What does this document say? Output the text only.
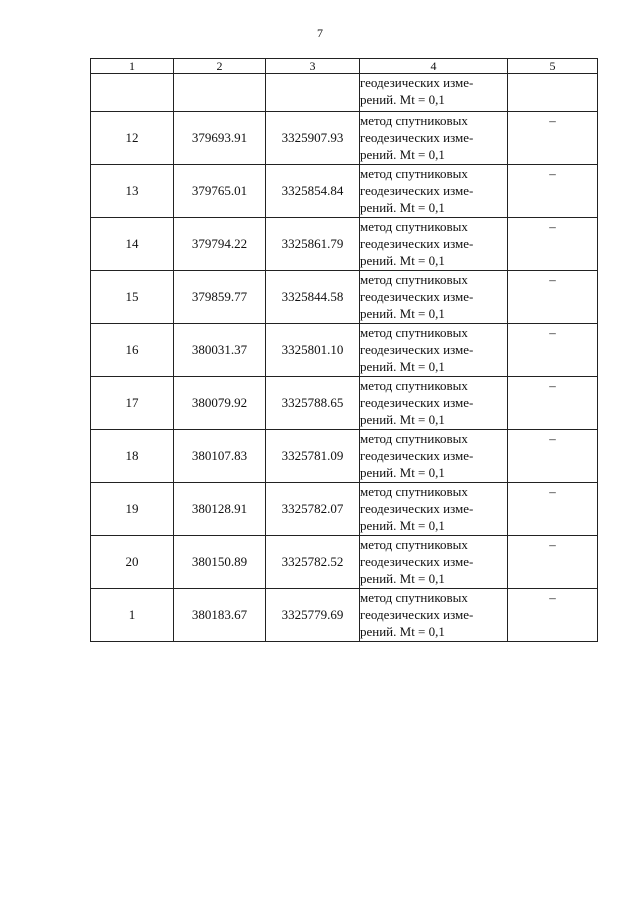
7
1	2	3	4	5
			геодезических изме-
рений. Mt = 0,1	
12	379693.91	3325907.93	метод спутниковых
геодезических изме-
рений. Mt = 0,1	–
13	379765.01	3325854.84	метод спутниковых
геодезических изме-
рений. Mt = 0,1	–
14	379794.22	3325861.79	метод спутниковых
геодезических изме-
рений. Mt = 0,1	–
15	379859.77	3325844.58	метод спутниковых
геодезических изме-
рений. Mt = 0,1	–
16	380031.37	3325801.10	метод спутниковых
геодезических изме-
рений. Mt = 0,1	–
17	380079.92	3325788.65	метод спутниковых
геодезических изме-
рений. Mt = 0,1	–
18	380107.83	3325781.09	метод спутниковых
геодезических изме-
рений. Mt = 0,1	–
19	380128.91	3325782.07	метод спутниковых
геодезических изме-
рений. Mt = 0,1	–
20	380150.89	3325782.52	метод спутниковых
геодезических изме-
рений. Mt = 0,1	–
1	380183.67	3325779.69	метод спутниковых
геодезических изме-
рений. Mt = 0,1	–
